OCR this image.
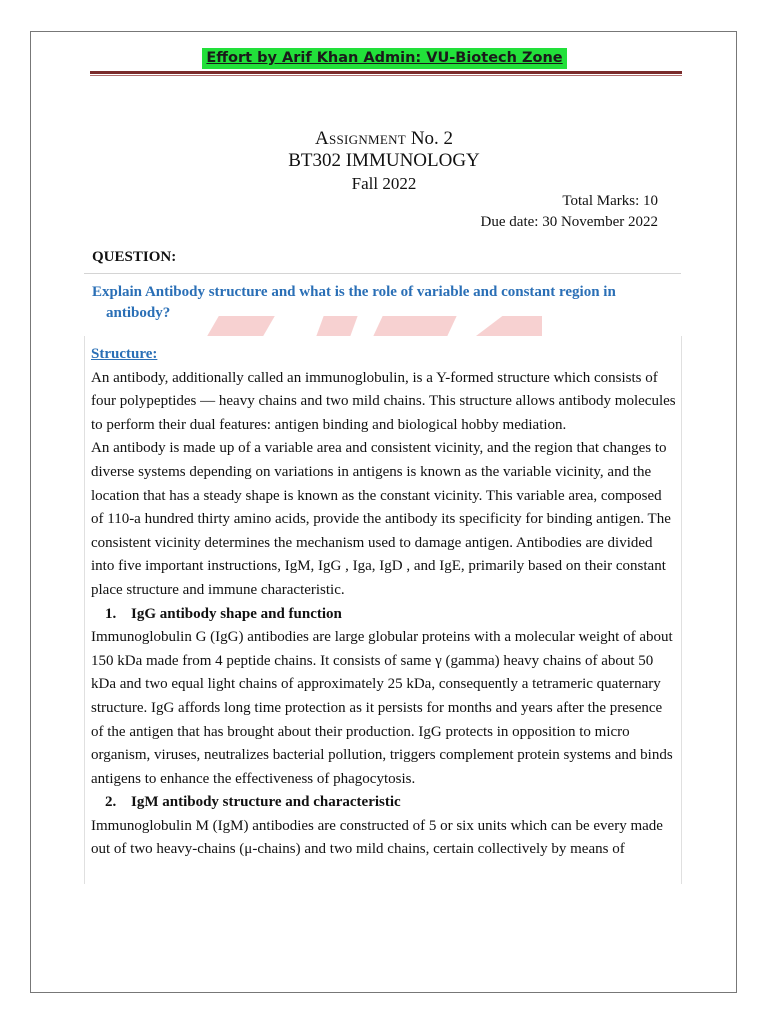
Effort by Arif Khan Admin: VU-Biotech Zone
Assignment No. 2
BT302 IMMUNOLOGY
Fall 2022
Total Marks: 10
Due date: 30 November 2022
QUESTION:
Explain Antibody structure and what is the role of variable and constant region in
antibody?

Structure:

An antibody, additionally called an immunoglobulin, is a Y-formed structure which consists of

four polypeptides — heavy chains and two mild chains. This structure allows antibody molecules

to perform their dual features: antigen binding and biological hobby mediation.

An antibody is made up of a variable area and consistent vicinity, and the region that changes to

diverse systems depending on variations in antigens is known as the variable vicinity, and the

location that has a steady shape is known as the constant vicinity. This variable area, composed

of 110-a hundred thirty amino acids, provide the antibody its specificity for binding antigen. The

consistent vicinity determines the mechanism used to damage antigen. Antibodies are divided

into five important instructions, IgM, IgG , Iga, IgD , and IgE, primarily based on their constant

place structure and immune characteristic.

1. IgG antibody shape and function

Immunoglobulin G (IgG) antibodies are large globular proteins with a molecular weight of about

150 kDa made from 4 peptide chains. It consists of same γ (gamma) heavy chains of about 50

kDa and two equal light chains of approximately 25 kDa, consequently a tetrameric quaternary

structure. IgG affords long time protection as it persists for months and years after the presence

of the antigen that has brought about their production. IgG protects in opposition to micro

organism, viruses, neutralizes bacterial pollution, triggers complement protein systems and binds

antigens to enhance the effectiveness of phagocytosis.

2. IgM antibody structure and characteristic

Immunoglobulin M (IgM) antibodies are constructed of 5 or six units which can be every made

out of two heavy-chains (μ-chains) and two mild chains, certain collectively by means of
